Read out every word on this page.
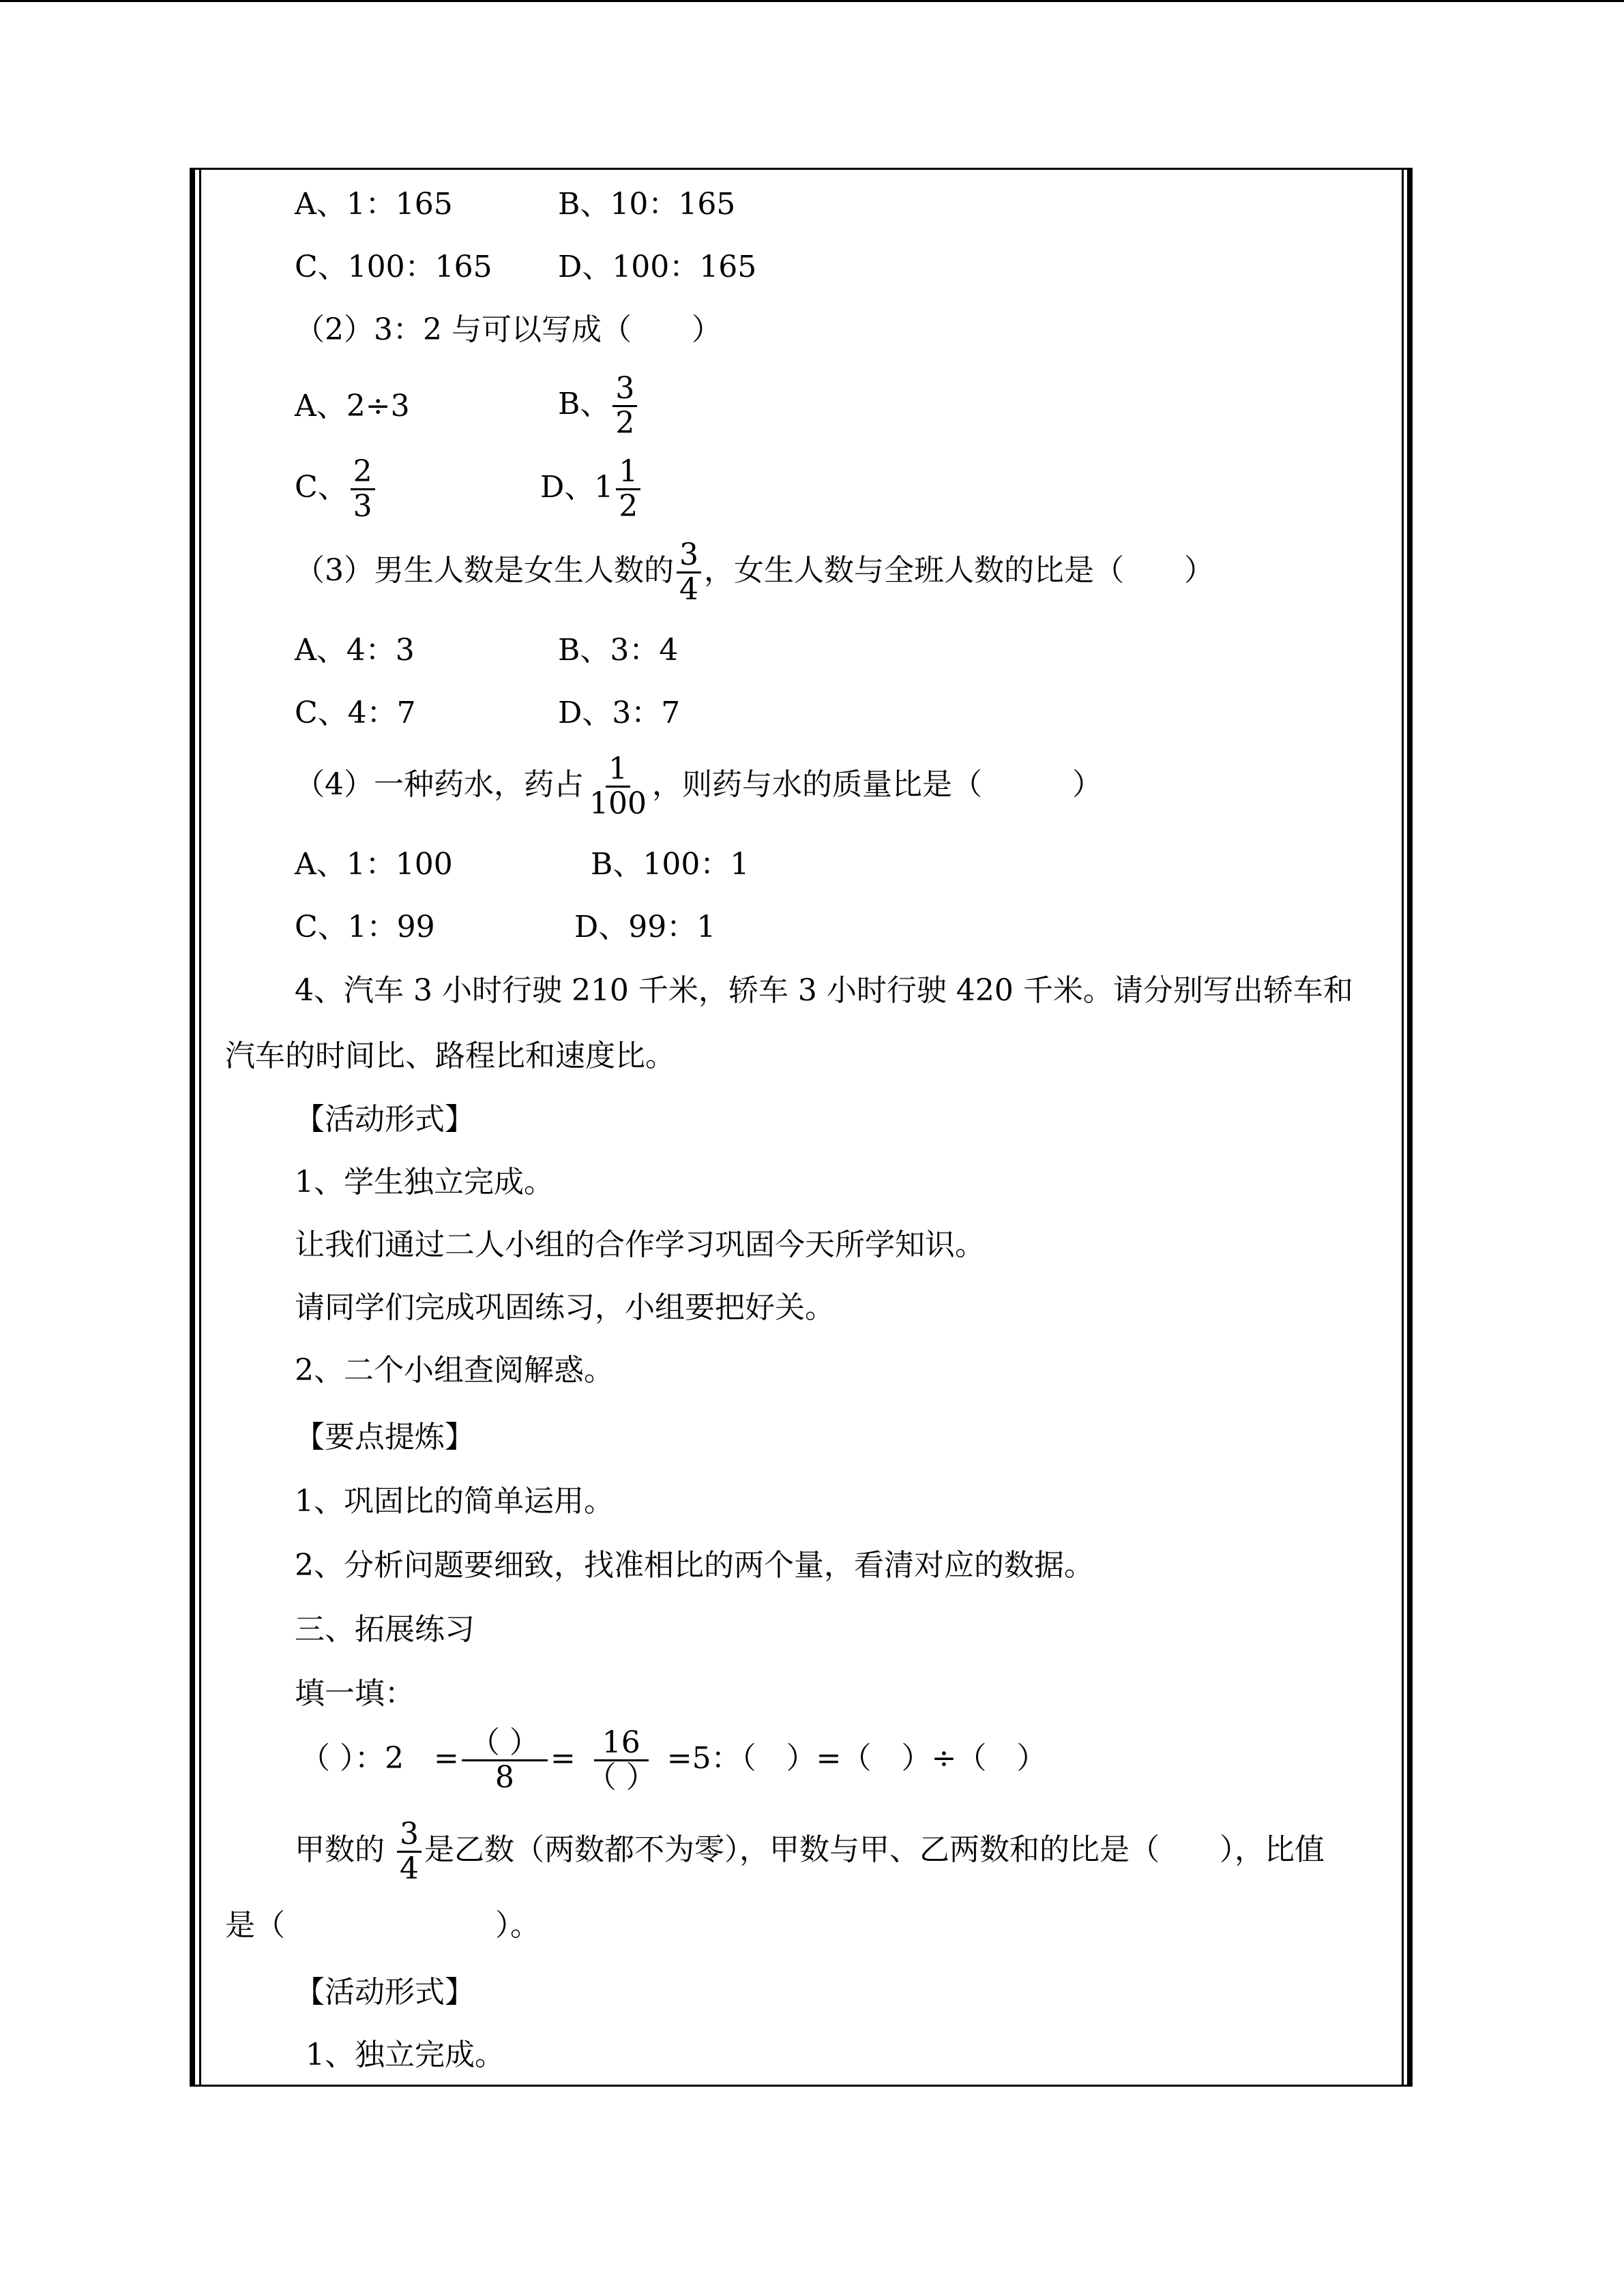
A、1：165	B、10：165
C、100：165 D、100：165
（2）3：2 与可以写成（　　）
A、2÷3	B、 $\frac{3}{2}$
C、 $\frac{2}{3}$	D、$1 \frac{1}{2}$
（3）男生人数是女生人数的 $\frac{3}{4}$ ，女生人数与全班人数的比是（　　）
A、4：3	B、3：4
C、4：7	D、3：7
（4）一种药水，药占 $\frac{1}{100}$ ，则药与水的质量比是（　　　）
A、1：100	B、100：1
C、1：99	D、99：1
4、汽车 3 小时行驶 210 千米，轿车 3 小时行驶 420 千米。请分别写出轿车和
汽车的时间比、路程比和速度比。
【活动形式】
1、学生独立完成。
让我们通过二人小组的合作学习巩固今天所学知识。
请同学们完成巩固练习，小组要把好关。
2、二个小组查阅解惑。
【要点提炼】
1、巩固比的简单运用。
2、分析问题要细致，找准相比的两个量，看清对应的数据。
三、拓展练习
填一填：
（ ）：2　= $\frac{( )}{8} = \frac{16}{( )} =5$：（　）=（　）÷（　）
甲数的 $\frac{3}{4}$ 是乙数（两数都不为零），甲数与甲、乙两数和的比是（　　），比值
是（　　　　　　　）。
【活动形式】
1、独立完成。
